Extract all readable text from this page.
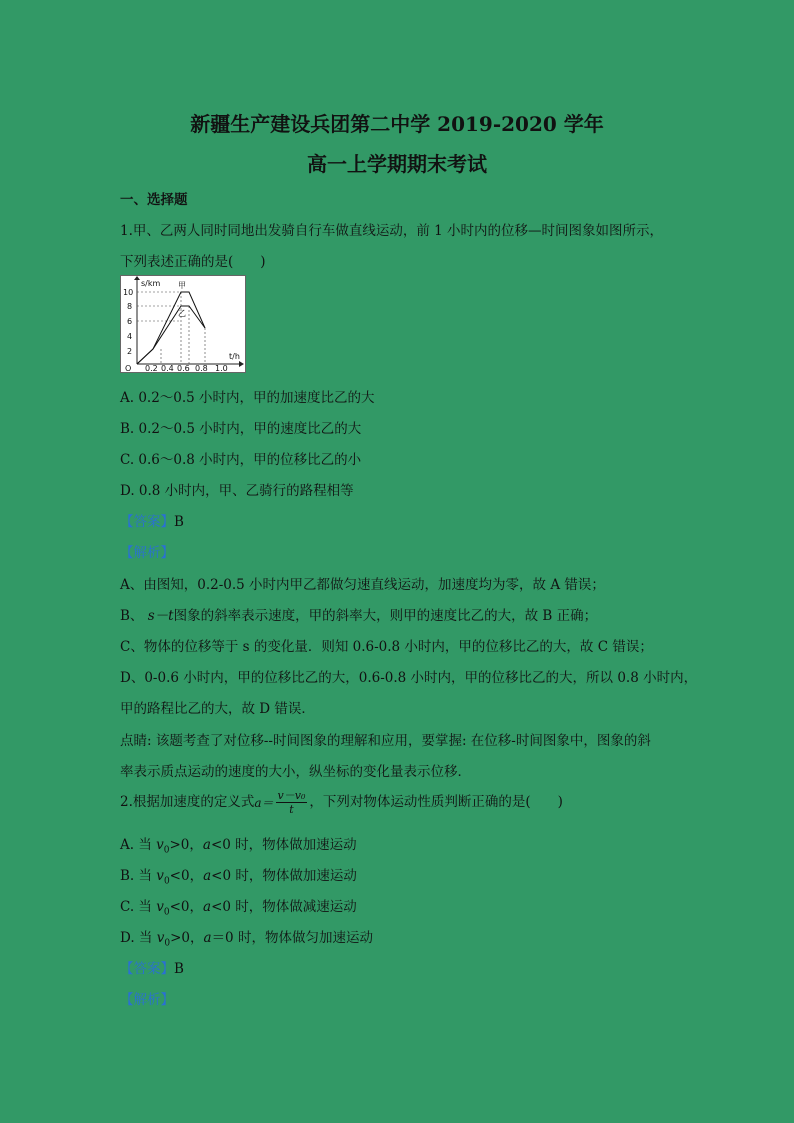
新疆生产建设兵团第二中学 2019-2020 学年
高一上学期期末考试
一、选择题
1.甲、乙两人同时同地出发骑自行车做直线运动，前 1 小时内的位移—时间图象如图所示，
下列表述正确的是(　　)
10
8
6
4
2
O 0.2 0.4 0.6 0.8 1.0
t/h
s/km 甲
乙
A. 0.2～0.5 小时内，甲的加速度比乙的大
B. 0.2～0.5 小时内，甲的速度比乙的大
C. 0.6～0.8 小时内，甲的位移比乙的小
D. 0.8 小时内，甲、乙骑行的路程相等
【答案】B
【解析】
A、由图知，0.2-0.5 小时内甲乙都做匀速直线运动，加速度均为零，故 A 错误；
B、 s－t图象的斜率表示速度，甲的斜率大，则甲的速度比乙的大，故 B 正确；
C、物体的位移等于 s 的变化量．则知 0.6-0.8 小时内，甲的位移比乙的大，故 C 错误；
D、0-0.6 小时内，甲的位移比乙的大，0.6-0.8 小时内，甲的位移比乙的大，所以 0.8 小时内，
甲的路程比乙的大，故 D 错误．
点睛: 该题考查了对位移--时间图象的理解和应用，要掌握: 在位移-时间图象中，图象的斜
率表示质点运动的速度的大小，纵坐标的变化量表示位移．
2.根据加速度的定义式$a= \frac{\text{v－v₀}}{t}$ ，下列对物体运动性质判断正确的是(　　)
A. 当 $v_0>0$，a<0 时，物体做加速运动
B. 当 $v_0<0$，a<0 时，物体做加速运动
C. 当 $v_0<0$，a<0 时，物体做减速运动
D. 当 $v_0>0$，a＝0 时，物体做匀加速运动
【答案】B
【解析】
